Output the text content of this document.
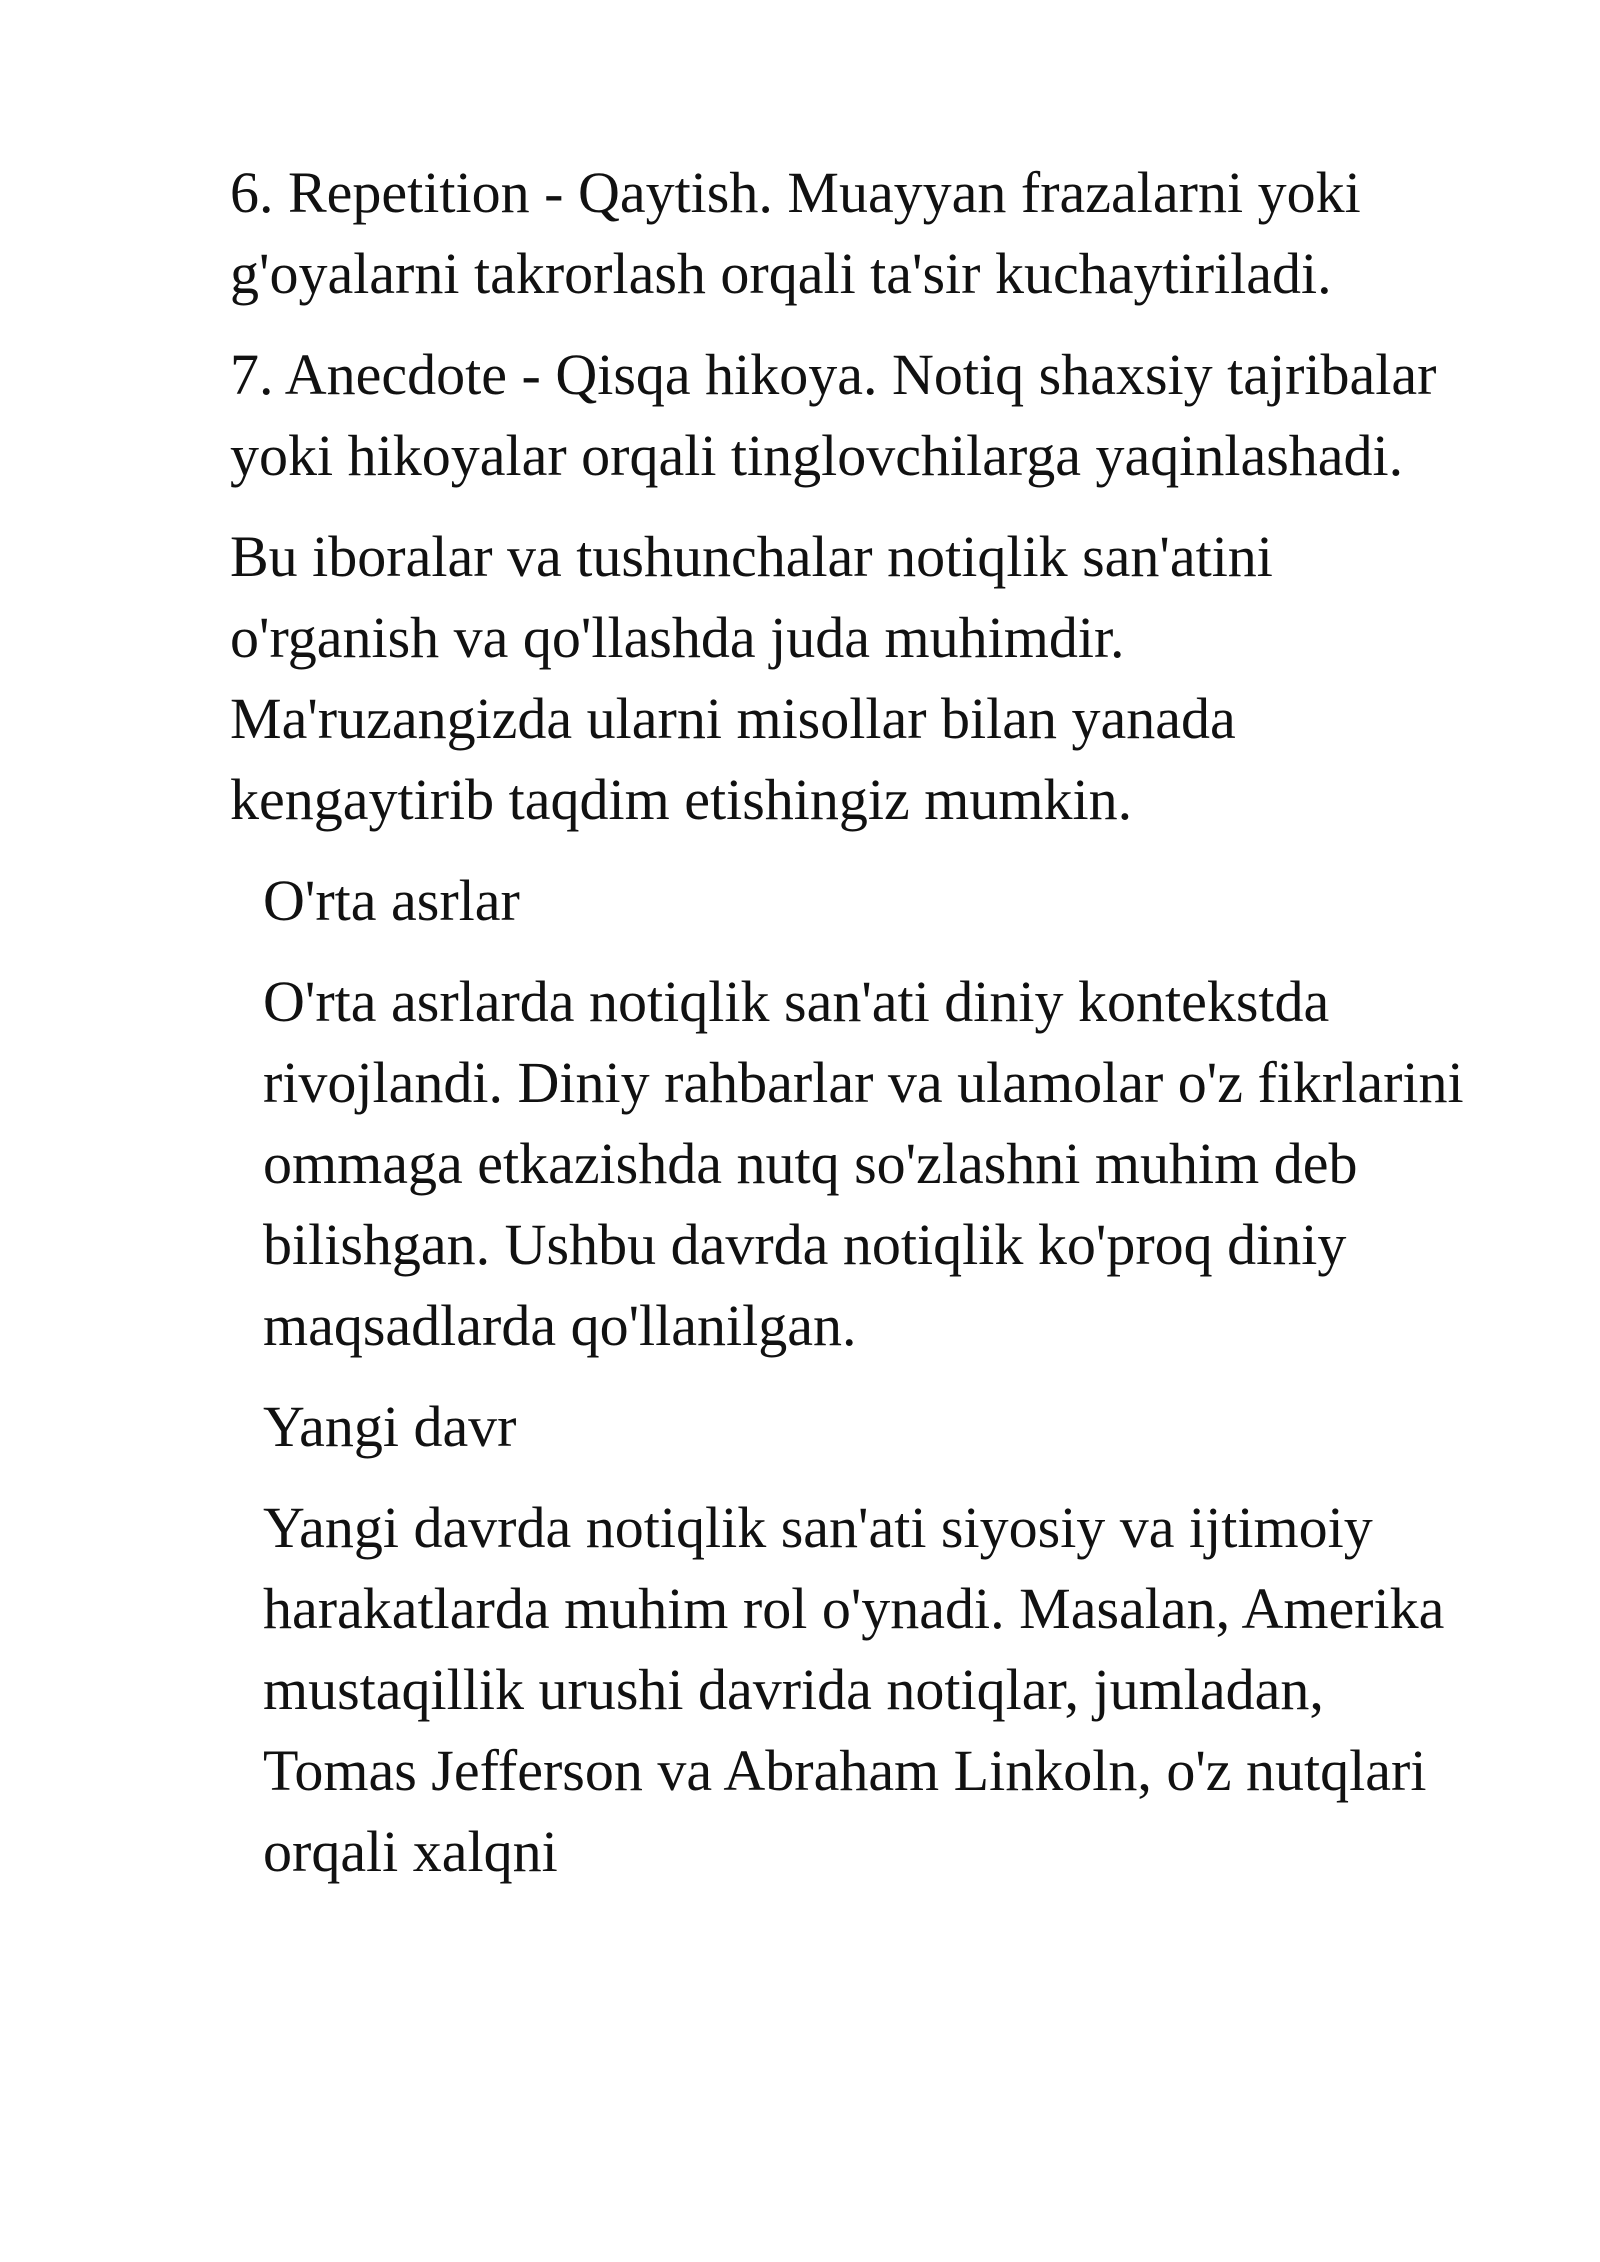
6. Repetition - Qaytish. Muayyan frazalarni yoki g'oyalarni takrorlash orqali ta'sir kuchaytiriladi.

7. Anecdote - Qisqa hikoya. Notiq shaxsiy tajribalar yoki hikoyalar orqali tinglovchilarga yaqinlashadi.

Bu iboralar va tushunchalar notiqlik san'atini o'rganish va qo'llashda juda muhimdir. Ma'ruzangizda ularni misollar bilan yanada kengaytirib taqdim etishingiz mumkin.

O'rta asrlar

O'rta asrlarda notiqlik san'ati diniy kontekstda rivojlandi. Diniy rahbarlar va ulamolar o'z fikrlarini ommaga etkazishda nutq so'zlashni muhim deb bilishgan. Ushbu davrda notiqlik ko'proq diniy maqsadlarda qo'llanilgan.

Yangi davr

Yangi davrda notiqlik san'ati siyosiy va ijtimoiy harakatlarda muhim rol o'ynadi. Masalan, Amerika mustaqillik urushi davrida notiqlar, jumladan, Tomas Jefferson va Abraham Linkoln, o'z nutqlari orqali xalqni
